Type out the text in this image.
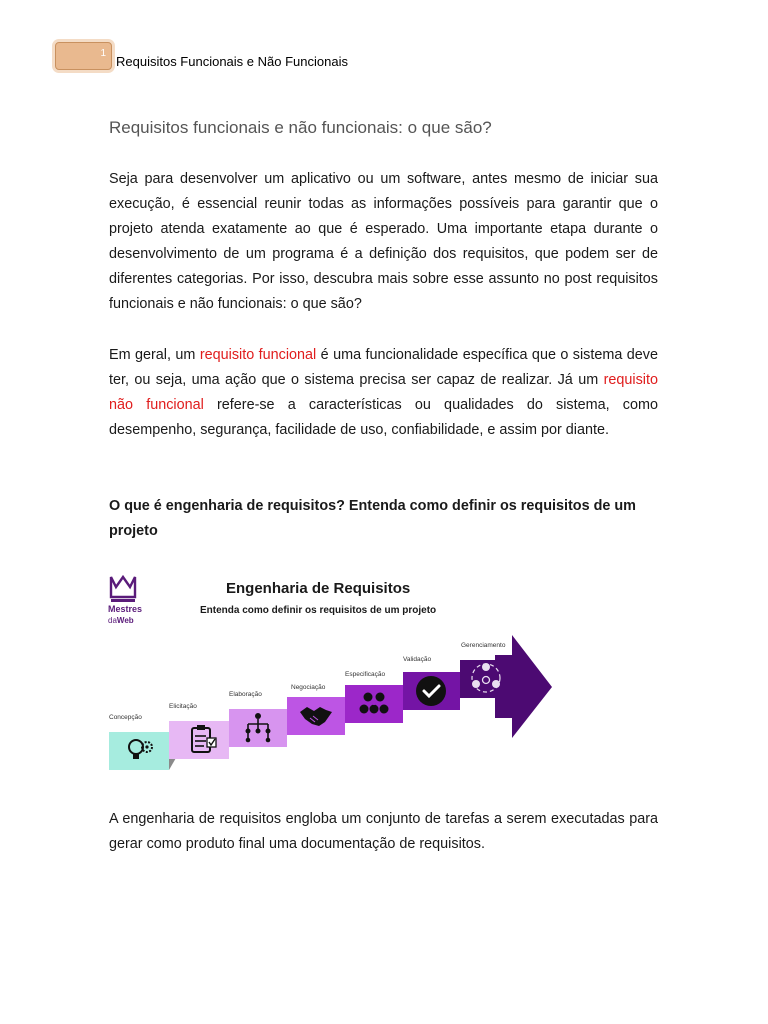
1
Requisitos Funcionais e Não Funcionais
Requisitos funcionais e não funcionais: o que são?

Seja para desenvolver um aplicativo ou um software, antes mesmo de iniciar sua execução, é essencial reunir todas as informações possíveis para garantir que o projeto atenda exatamente ao que é esperado. Uma importante etapa durante o desenvolvimento de um programa é a definição dos requisitos, que podem ser de diferentes categorias. Por isso, descubra mais sobre esse assunto no post requisitos funcionais e não funcionais: o que são?

Em geral, um requisito funcional é uma funcionalidade específica que o sistema deve ter, ou seja, uma ação que o sistema precisa ser capaz de realizar. Já um requisito não funcional refere-se a características ou qualidades do sistema, como desempenho, segurança, facilidade de uso, confiabilidade, e assim por diante.

O que é engenharia de requisitos? Entenda como definir os requisitos de um projeto

Mestres
daWeb
Engenharia de Requisitos
Entenda como definir os requisitos de um projeto
Concepção
Elicitação
Elaboração
Negociação
Especificação
Validação
Gerenciamento

A engenharia de requisitos engloba um conjunto de tarefas a serem executadas para gerar como produto final uma documentação de requisitos.
